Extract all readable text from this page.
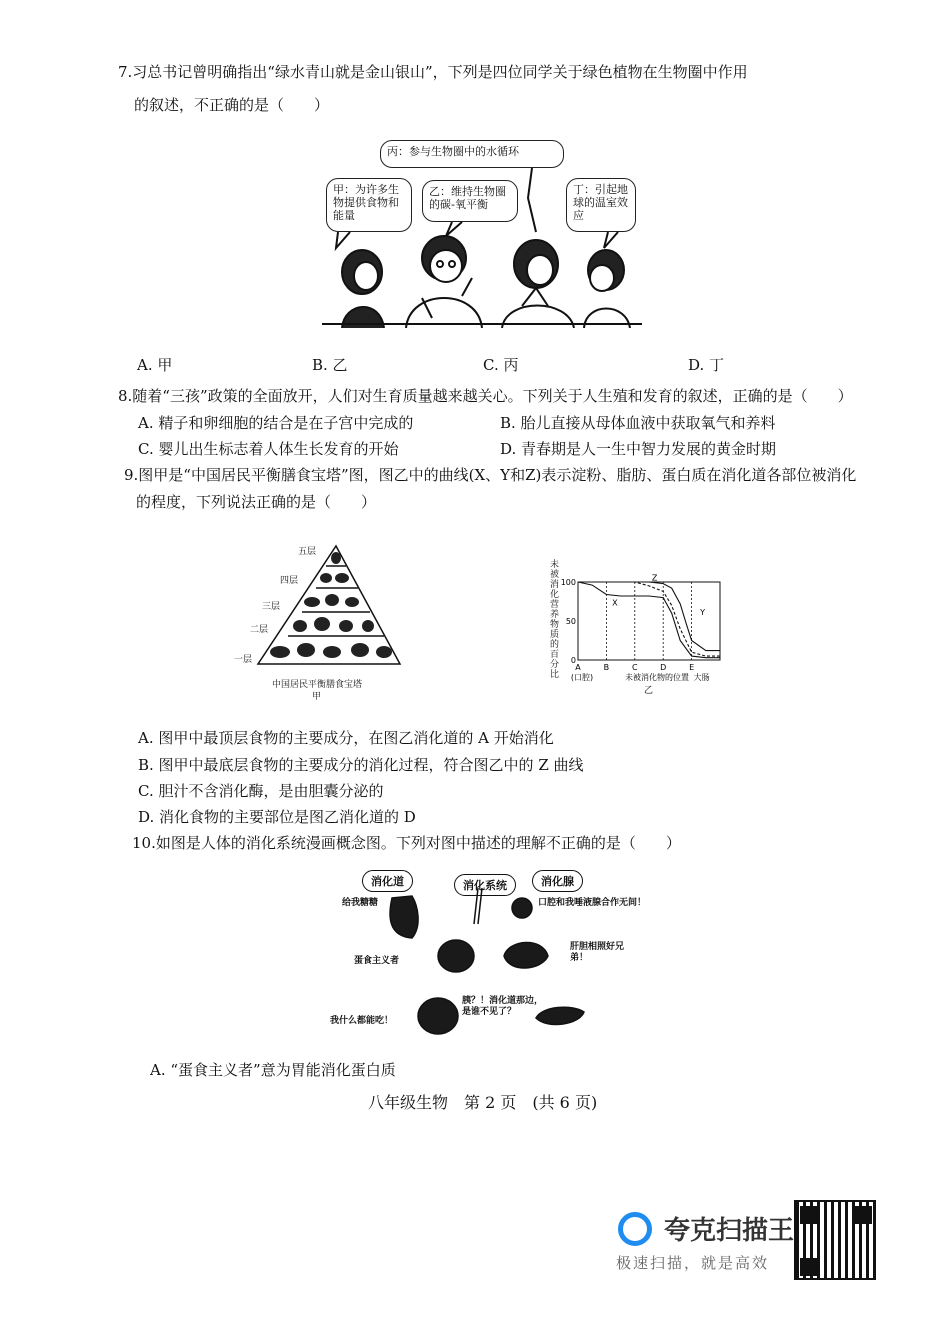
7.习总书记曾明确指出“绿水青山就是金山银山”，下列是四位同学关于绿色植物在生物圈中作用
的叙述，不正确的是（　　）
丙：参与生物圈中的水循环
甲：为许多生物提供食物和能量
乙：维持生物圈的碳-氧平衡
丁：引起地球的温室效应
A. 甲	B. 乙	C. 丙	D. 丁
8.随着“三孩”政策的全面放开，人们对生育质量越来越关心。下列关于人生殖和发育的叙述，正确的是（　　）
A. 精子和卵细胞的结合是在子宫中完成的	B. 胎儿直接从母体血液中获取氧气和养料
C. 婴儿出生标志着人体生长发育的开始	D. 青春期是人一生中智力发展的黄金时期
9.图甲是“中国居民平衡膳食宝塔”图，图乙中的曲线(X、Y和Z)表示淀粉、脂肪、蛋白质在消化道各部位被消化
的程度，下列说法正确的是（　　）
五层
四层
三层
二层
一层
中国居民平衡膳食宝塔
甲
未被消化营养物质的百分比
0
50
100
A
(口腔)
B	C	D	E
大肠
未被消化物的位置
X
Y
Z
乙
A. 图甲中最顶层食物的主要成分，在图乙消化道的 A 开始消化
B. 图甲中最底层食物的主要成分的消化过程，符合图乙中的 Z 曲线
C. 胆汁不含消化酶，是由胆囊分泌的
D. 消化食物的主要部位是图乙消化道的 D
10.如图是人体的消化系统漫画概念图。下列对图中描述的理解不正确的是（　　）
消化道	消化系统	消化腺
给我糖糖
蛋食主义者
口腔和我唾液腺合作无间！
肝胆相照好兄弟！
我什么都能吃！
胰？！消化道那边，是谁不见了？
A. “蛋食主义者”意为胃能消化蛋白质
八年级生物　第 2 页　(共 6 页)
夸克扫描王
极速扫描，就是高效
